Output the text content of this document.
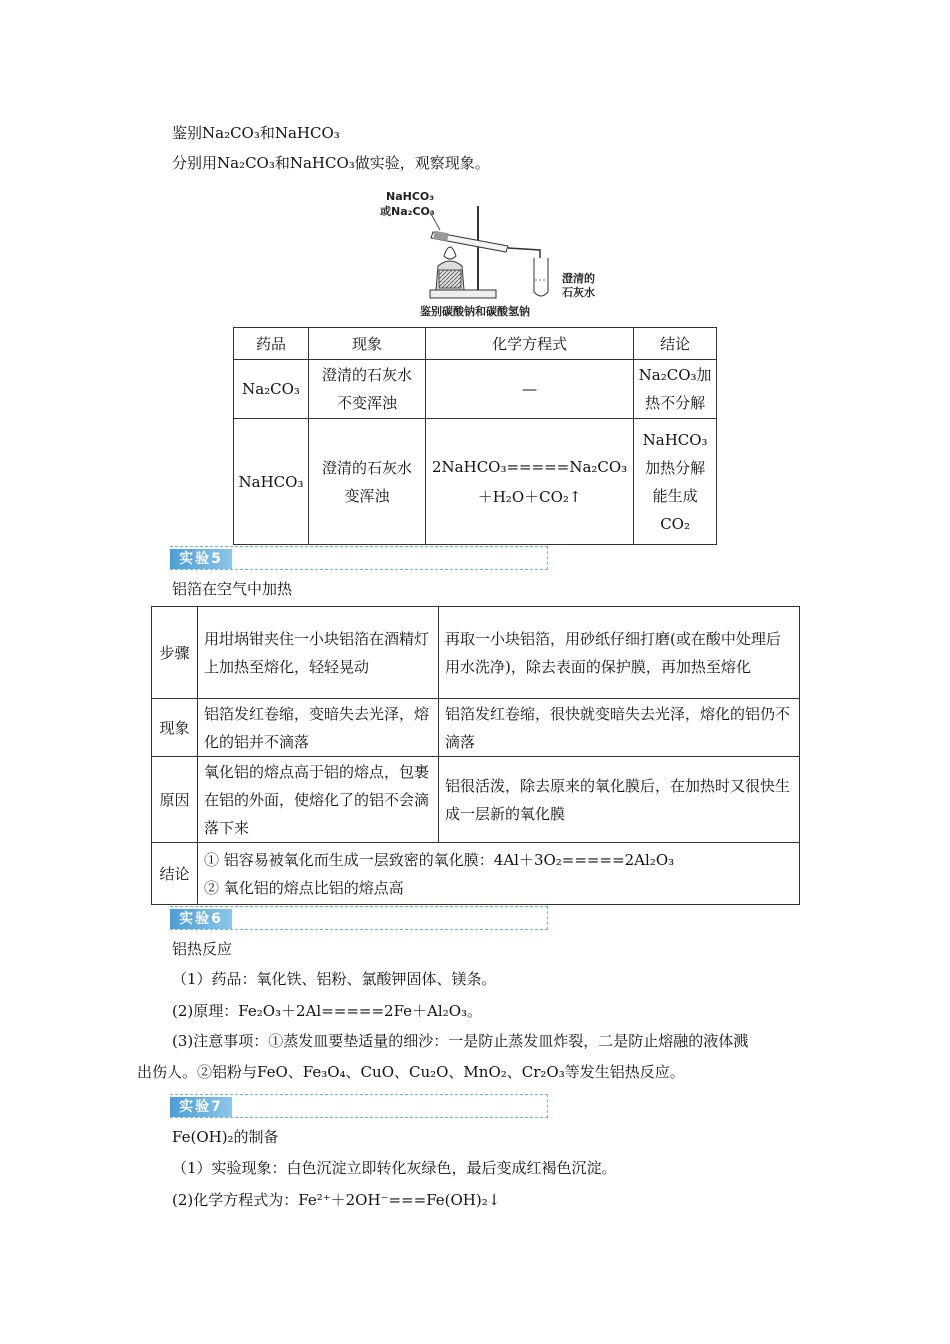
鉴别Na₂CO₃和NaHCO₃
分别用Na₂CO₃和NaHCO₃做实验，观察现象。
NaHCO₃
或Na₂CO₃
澄清的
石灰水
鉴别碳酸钠和碳酸氢钠
药品	现象	化学方程式	结论
Na₂CO₃	澄清的石灰水不变浑浊	—	Na₂CO₃加热不分解
NaHCO₃	澄清的石灰水变浑浊	2NaHCO₃=====Na₂CO₃＋H₂O＋CO₂↑	NaHCO₃加热分解能生成CO₂
实验5
铝箔在空气中加热
步骤	用坩埚钳夹住一小块铝箔在酒精灯上加热至熔化，轻轻晃动	再取一小块铝箔，用砂纸仔细打磨(或在酸中处理后用水洗净)，除去表面的保护膜，再加热至熔化
现象	铝箔发红卷缩，变暗失去光泽，熔化的铝并不滴落	铝箔发红卷缩，很快就变暗失去光泽，熔化的铝仍不滴落
原因	氧化铝的熔点高于铝的熔点，包裹在铝的外面，使熔化了的铝不会滴落下来	铝很活泼，除去原来的氧化膜后，在加热时又很快生成一层新的氧化膜
结论	① 铝容易被氧化而生成一层致密的氧化膜：4Al＋3O₂=====2Al₂O₃
② 氧化铝的熔点比铝的熔点高	
实验6
铝热反应
（1）药品：氧化铁、铝粉、氯酸钾固体、镁条。
(2)原理：Fe₂O₃＋2Al=====2Fe＋Al₂O₃。
(3)注意事项：①蒸发皿要垫适量的细沙：一是防止蒸发皿炸裂，二是防止熔融的液体溅
出伤人。②铝粉与FeO、Fe₃O₄、CuO、Cu₂O、MnO₂、Cr₂O₃等发生铝热反应。
实验7
Fe(OH)₂的制备
（1）实验现象：白色沉淀立即转化灰绿色，最后变成红褐色沉淀。
(2)化学方程式为：Fe²⁺＋2OH⁻===Fe(OH)₂↓
